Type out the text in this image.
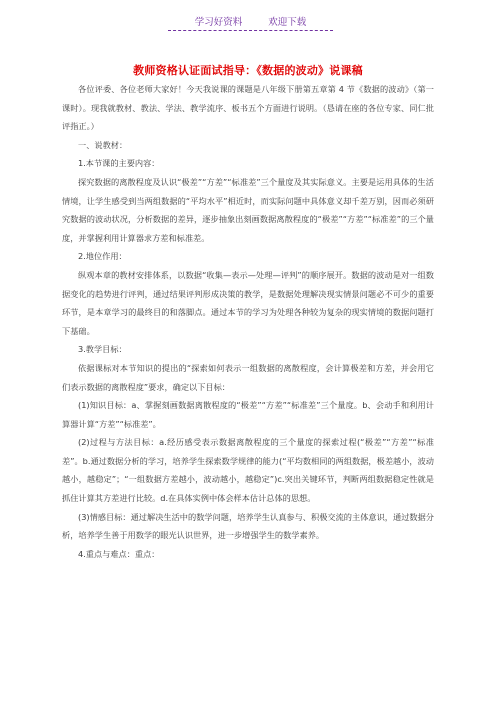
学习好资料	欢迎下载
教师资格认证面试指导：《数据的波动》说课稿

各位评委、各位老师大家好！今天我说课的课题是八年级下册第五章第 4 节《数据的波动》（第一课时）。现我就教材、教法、学法、教学流序、板书五个方面进行说明。（恳请在座的各位专家、同仁批评指正。）

一、说教材：

1.本节课的主要内容：

探究数据的离散程度及认识“极差”“方差”“标准差”三个量度及其实际意义。主要是运用具体的生活情境，让学生感受到当两组数据的“平均水平”相近时，而实际问题中具体意义却千差万别，因而必须研究数据的波动状况，分析数据的差异，逐步抽象出刻画数据离散程度的“极差”“方差”“标准差”的三个量度，并掌握利用计算器求方差和标准差。

2.地位作用：

纵观本章的教材安排体系，以数据“收集—表示—处理—评判”的顺序展开。数据的波动是对一组数据变化的趋势进行评判，通过结果评判形成决策的教学，是数据处理解决现实情景问题必不可少的重要环节，是本章学习的最终目的和落脚点。通过本节的学习为处理各种较为复杂的现实情境的数据问题打下基础。

3.教学目标：

依据课标对本节知识的提出的“探索如何表示一组数据的离散程度，会计算极差和方差，并会用它们表示数据的离散程度”要求，确定以下目标：

(1)知识目标：a、掌握刻画数据离散程度的“极差”“方差”“标准差”三个量度。b、会动手和利用计算器计算“方差”“标准差”。

(2)过程与方法目标：a.经历感受表示数据离散程度的三个量度的探索过程(“极差”“方差”“标准差”。b.通过数据分析的学习，培养学生探索数学规律的能力(“平均数相同的两组数据，极差越小，波动越小，越稳定”；“一组数据方差越小，波动越小，越稳定”)c.突出关键环节，判断两组数据稳定性就是抓住计算其方差进行比较。d.在具体实例中体会样本估计总体的思想。

(3)情感目标：通过解决生活中的数学问题，培养学生认真参与、积极交流的主体意识，通过数据分析，培养学生善于用数学的眼光认识世界，进一步增强学生的数学素养。

4.重点与难点：重点：
